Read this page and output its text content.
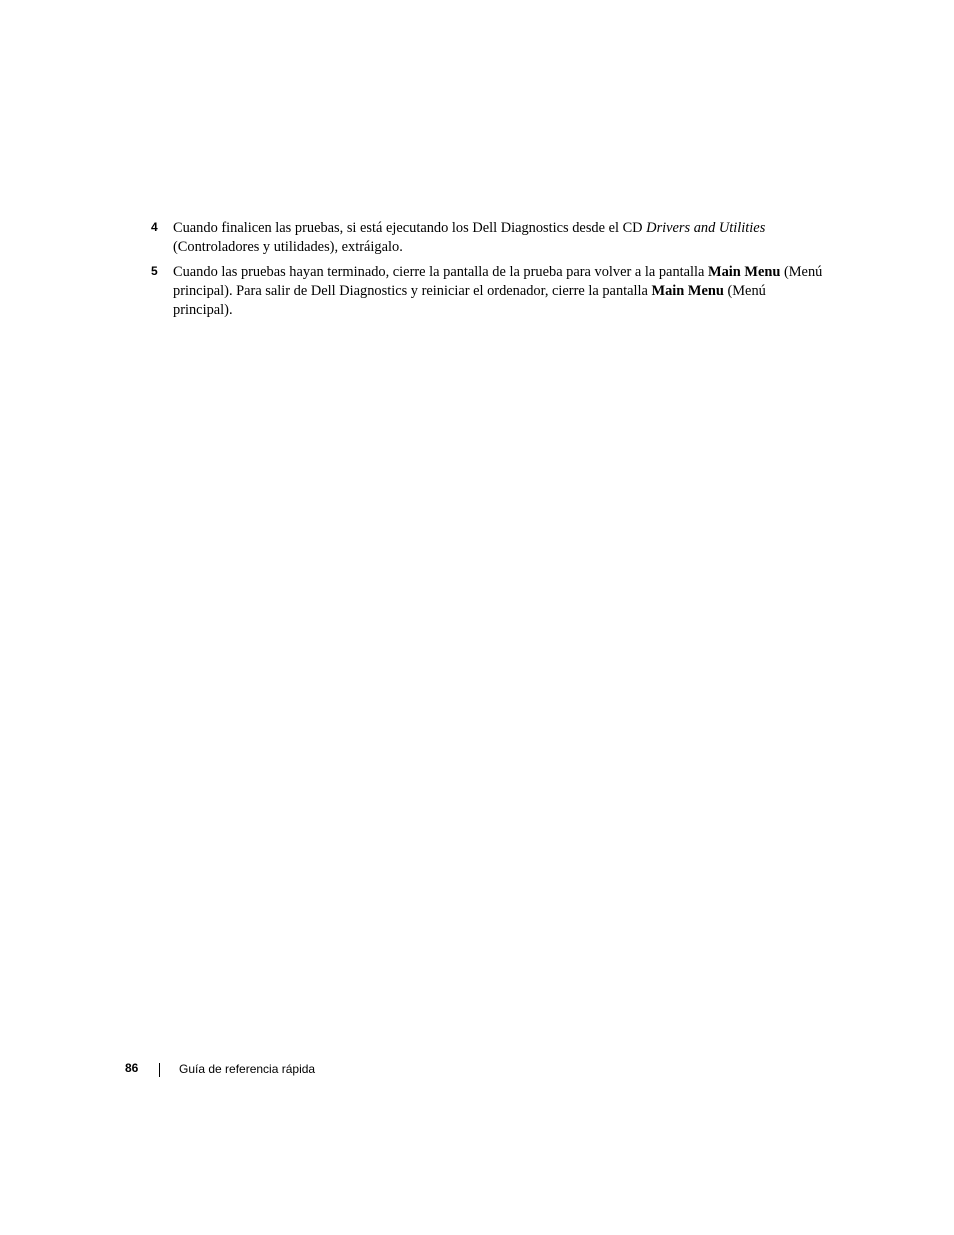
4 Cuando finalicen las pruebas, si está ejecutando los Dell Diagnostics desde el CD Drivers and Utilities (Controladores y utilidades), extráigalo.
5 Cuando las pruebas hayan terminado, cierre la pantalla de la prueba para volver a la pantalla Main Menu (Menú principal). Para salir de Dell Diagnostics y reiniciar el ordenador, cierre la pantalla Main Menu (Menú principal).
86	Guía de referencia rápida
